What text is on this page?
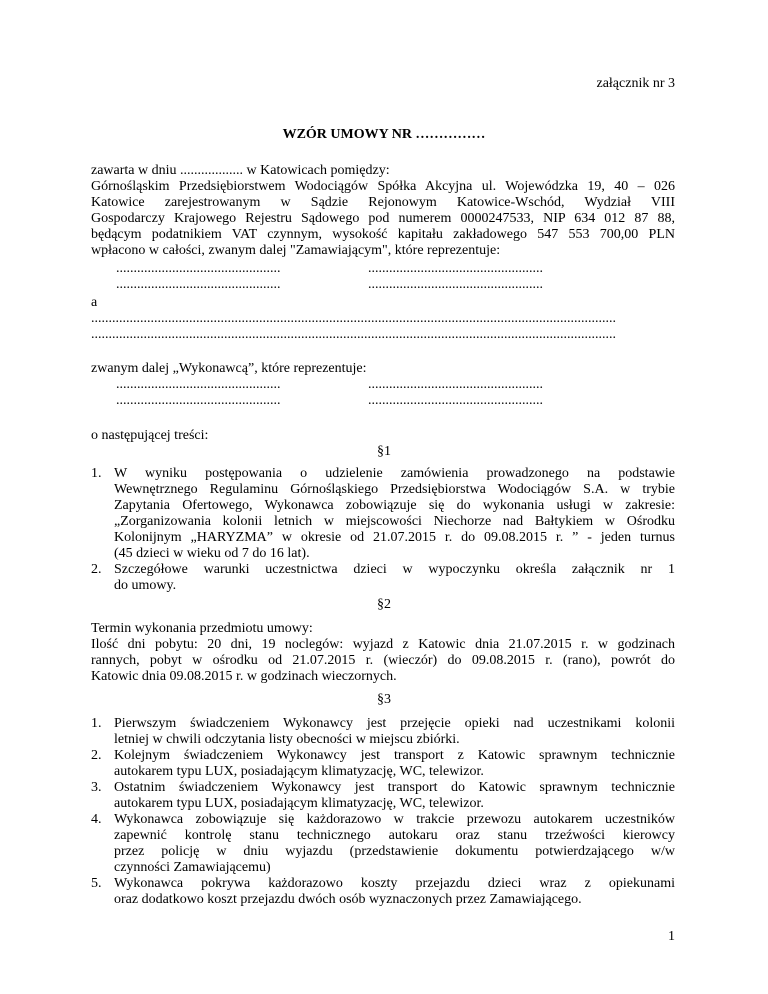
załącznik nr 3
WZÓR UMOWY NR ……………
zawarta w dniu .................. w Katowicach pomiędzy:
Górnośląskim Przedsiębiorstwem Wodociągów Spółka Akcyjna ul. Wojewódzka 19, 40 – 026
Katowice zarejestrowanym w Sądzie Rejonowym Katowice-Wschód, Wydział VIII
Gospodarczy Krajowego Rejestru Sądowego pod numerem 0000247533, NIP 634 012 87 88,
będącym podatnikiem VAT czynnym, wysokość kapitału zakładowego 547 553 700,00 PLN
wpłacono w całości, zwanym dalej "Zamawiającym", które reprezentuje:
...............................................	..................................................
...............................................	..................................................
a
......................................................................................................................................................
......................................................................................................................................................
zwanym dalej „Wykonawcą”, które reprezentuje:
...............................................	..................................................
...............................................	..................................................
o następującej treści:
§1
1. W wyniku postępowania o udzielenie zamówienia prowadzonego na podstawie
Wewnętrznego Regulaminu Górnośląskiego Przedsiębiorstwa Wodociągów S.A. w trybie
Zapytania Ofertowego, Wykonawca zobowiązuje się do wykonania usługi w zakresie:
„Zorganizowania kolonii letnich w miejscowości Niechorze nad Bałtykiem w Ośrodku
Kolonijnym „HARYZMA” w okresie od 21.07.2015 r. do 09.08.2015 r. ” - jeden turnus
(45 dzieci w wieku od 7 do 16 lat).
2. Szczegółowe warunki uczestnictwa dzieci w wypoczynku określa załącznik nr 1
do umowy.
§2
Termin wykonania przedmiotu umowy:
Ilość dni pobytu: 20 dni, 19 noclegów: wyjazd z Katowic dnia 21.07.2015 r. w godzinach
rannych, pobyt w ośrodku od 21.07.2015 r. (wieczór) do 09.08.2015 r. (rano), powrót do
Katowic dnia 09.08.2015 r. w godzinach wieczornych.
§3
1. Pierwszym świadczeniem Wykonawcy jest przejęcie opieki nad uczestnikami kolonii
letniej w chwili odczytania listy obecności w miejscu zbiórki.
2. Kolejnym świadczeniem Wykonawcy jest transport z Katowic sprawnym technicznie
autokarem typu LUX, posiadającym klimatyzację, WC, telewizor.
3. Ostatnim świadczeniem Wykonawcy jest transport do Katowic sprawnym technicznie
autokarem typu LUX, posiadającym klimatyzację, WC, telewizor.
4. Wykonawca zobowiązuje się każdorazowo w trakcie przewozu autokarem uczestników
zapewnić kontrolę stanu technicznego autokaru oraz stanu trzeźwości kierowcy
przez policję w dniu wyjazdu (przedstawienie dokumentu potwierdzającego w/w
czynności Zamawiającemu)
5. Wykonawca pokrywa każdorazowo koszty przejazdu dzieci wraz z opiekunami
oraz dodatkowo koszt przejazdu dwóch osób wyznaczonych przez Zamawiającego.
1
